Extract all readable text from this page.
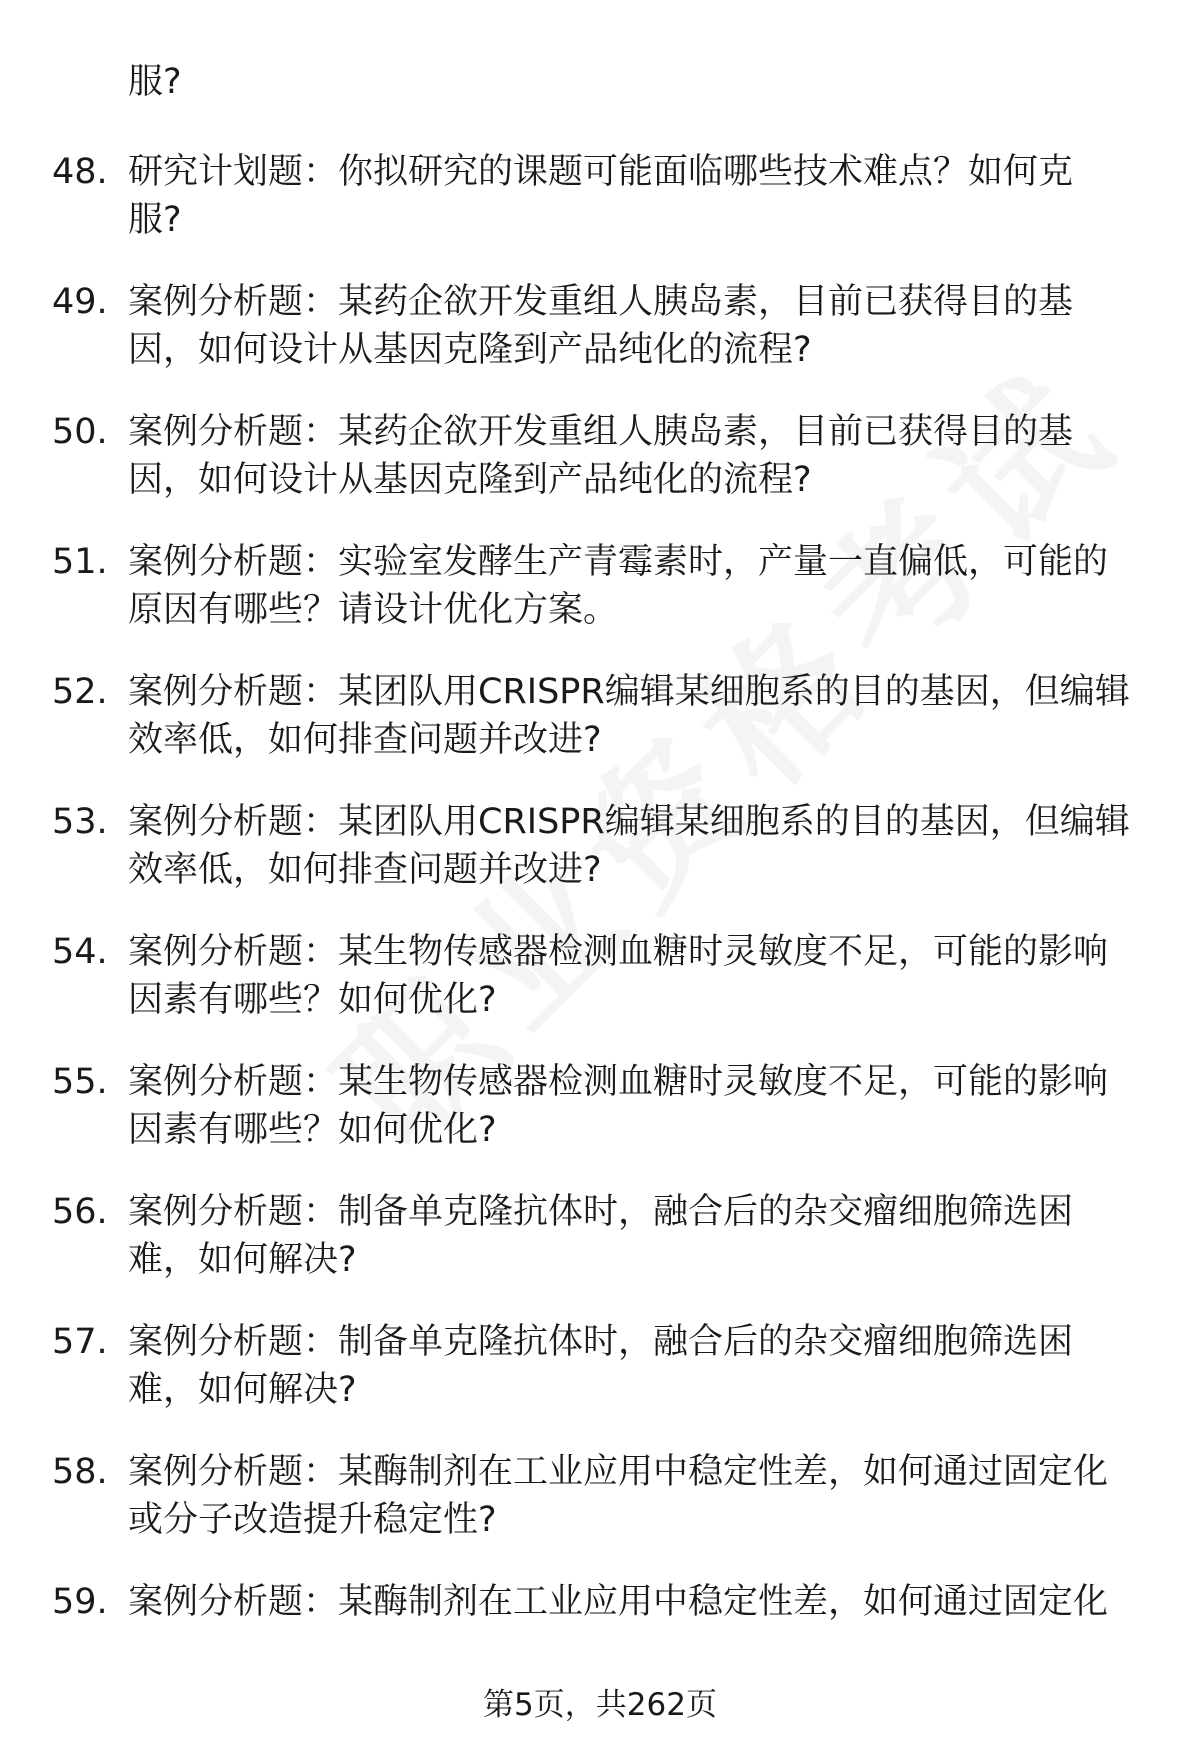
服?
48. 研究计划题：你拟研究的课题可能面临哪些技术难点？如何克
服?
49. 案例分析题：某药企欲开发重组人胰岛素，目前已获得目的基
因，如何设计从基因克隆到产品纯化的流程?
50. 案例分析题：某药企欲开发重组人胰岛素，目前已获得目的基
因，如何设计从基因克隆到产品纯化的流程?
51. 案例分析题：实验室发酵生产青霉素时，产量一直偏低，可能的
原因有哪些？请设计优化方案。
52. 案例分析题：某团队用CRISPR编辑某细胞系的目的基因，但编辑
效率低，如何排查问题并改进?
53. 案例分析题：某团队用CRISPR编辑某细胞系的目的基因，但编辑
效率低，如何排查问题并改进?
54. 案例分析题：某生物传感器检测血糖时灵敏度不足，可能的影响
因素有哪些？如何优化?
55. 案例分析题：某生物传感器检测血糖时灵敏度不足，可能的影响
因素有哪些？如何优化?
56. 案例分析题：制备单克隆抗体时，融合后的杂交瘤细胞筛选困
难，如何解决?
57. 案例分析题：制备单克隆抗体时，融合后的杂交瘤细胞筛选困
难，如何解决?
58. 案例分析题：某酶制剂在工业应用中稳定性差，如何通过固定化
或分子改造提升稳定性?
59. 案例分析题：某酶制剂在工业应用中稳定性差，如何通过固定化
第5页，共262页
